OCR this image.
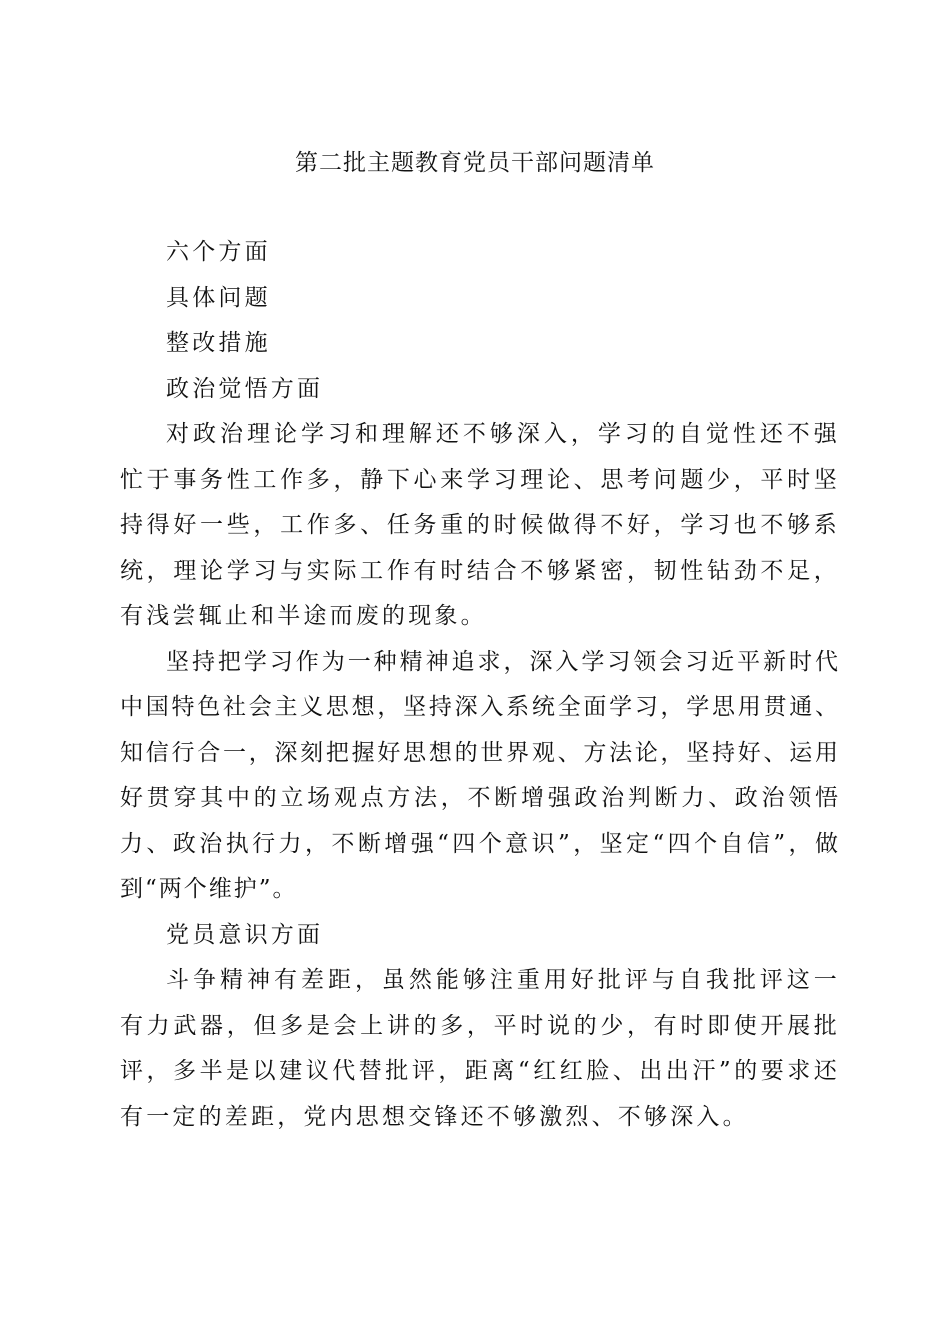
第二批主题教育党员干部问题清单

六个方面

具体问题

整改措施

政治觉悟方面

对政治理论学习和理解还不够深入，学习的自觉性还不强忙于事务性工作多，静下心来学习理论、思考问题少，平时坚持得好一些，工作多、任务重的时候做得不好，学习也不够系统，理论学习与实际工作有时结合不够紧密，韧性钻劲不足，有浅尝辄止和半途而废的现象。

坚持把学习作为一种精神追求，深入学习领会习近平新时代中国特色社会主义思想，坚持深入系统全面学习，学思用贯通、知信行合一，深刻把握好思想的世界观、方法论，坚持好、运用好贯穿其中的立场观点方法，不断增强政治判断力、政治领悟力、政治执行力，不断增强“四个意识”，坚定“四个自信”，做到“两个维护”。

党员意识方面

斗争精神有差距，虽然能够注重用好批评与自我批评这一有力武器，但多是会上讲的多，平时说的少，有时即使开展批评，多半是以建议代替批评，距离“红红脸、出出汗”的要求还有一定的差距，党内思想交锋还不够激烈、不够深入。
